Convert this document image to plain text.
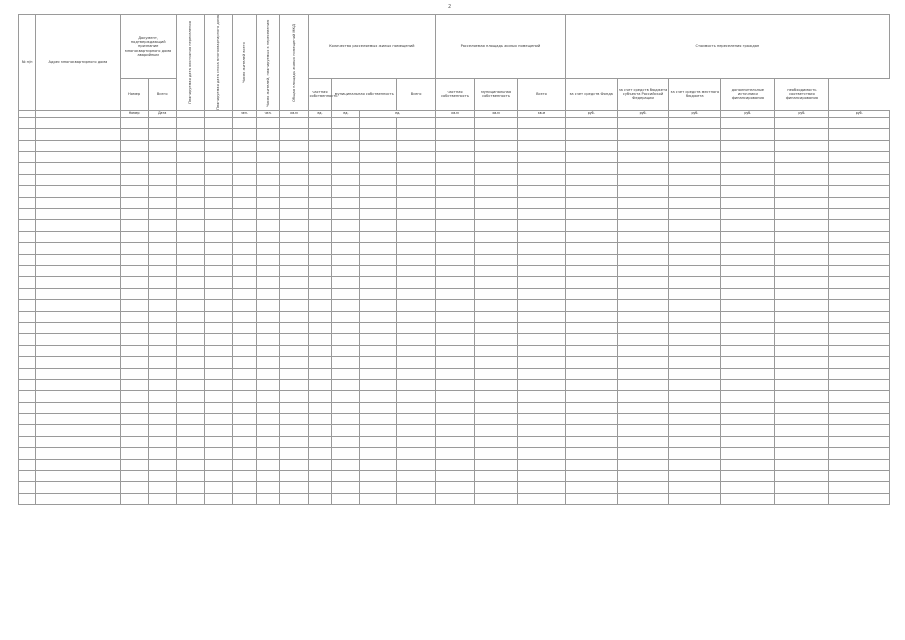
2
№ п/п	Адрес многоквартирного дома	Документ, подтверждающий признание многоквартирного дома аварийным		Планируемая дата окончания переселения	Планируемая дата сноса многоквартирного дома	Число жителей всего	Число жителей, планируемых к переселению	Общая площадь жилых помещений МКД	Количество расселяемых жилых помещений				Расселяемая площадь жилых помещений			Стоимость переселения граждан					
		Номер	Всего						частная собственность	муниципальная собственность		Всего	частная собственность	муниципальная собственность	Всего	за счет средств Фонда	за счет средств бюджета субъекта Российской Федерации	за счет средств местного бюджета	дополнительные источники финансирования	необходимость соответствия финансирования	
		Номер	Дата			чел.	чел.	кв.м	ед.	ед.	ед.		кв.м	кв.м	кв.м	руб.	руб.	руб.	руб.	руб.	руб.
